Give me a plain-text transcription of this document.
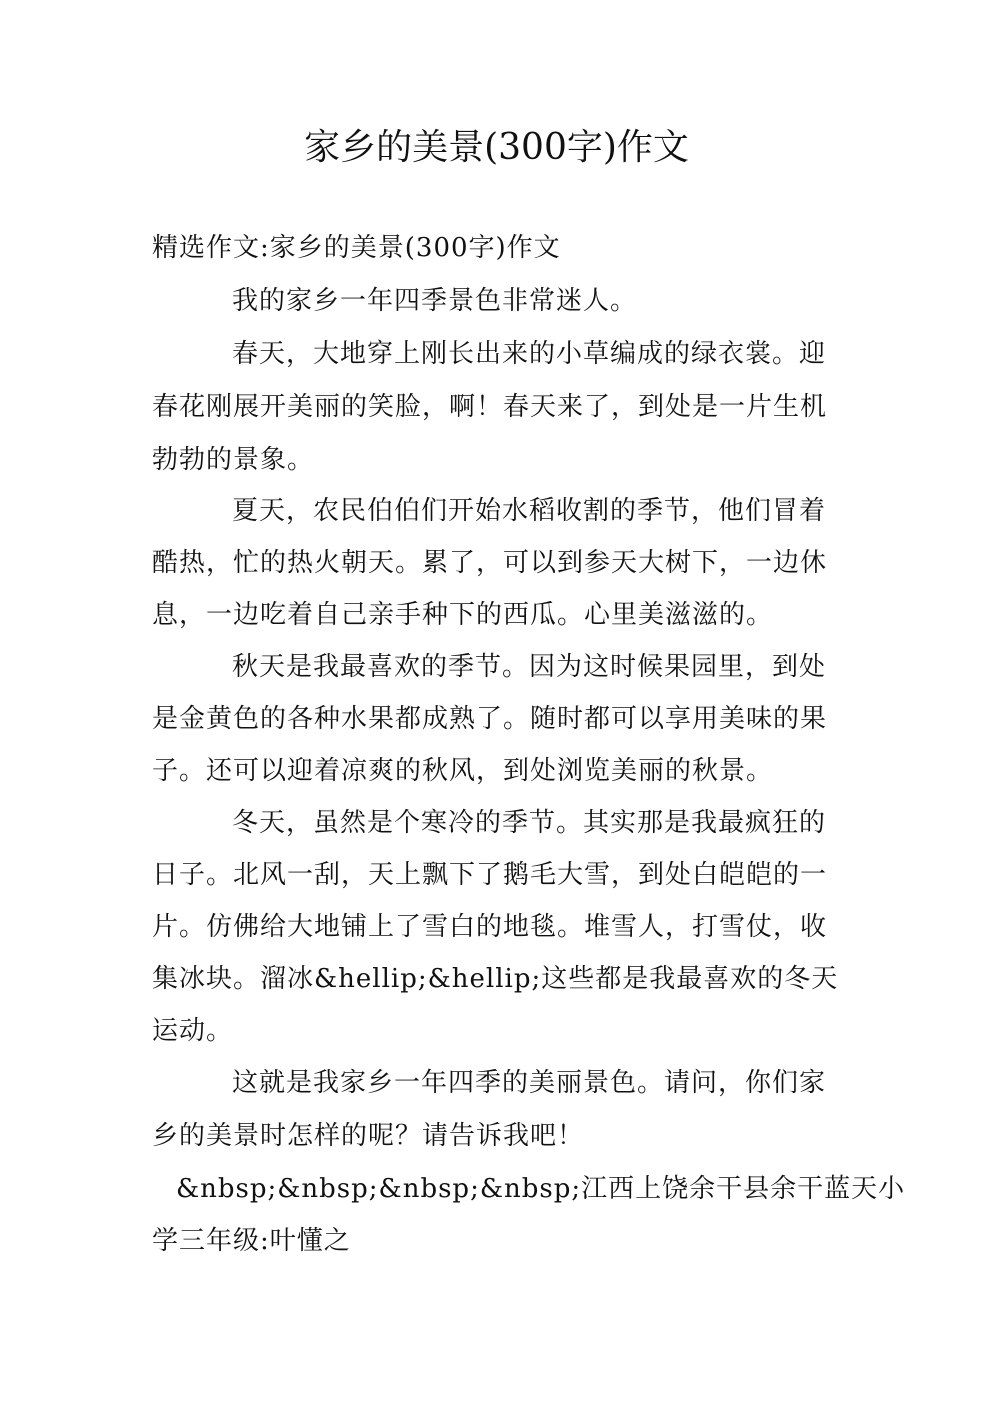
家乡的美景(300字)作文
精选作文:家乡的美景(300字)作文
我的家乡一年四季景色非常迷人。
春天，大地穿上刚长出来的小草编成的绿衣裳。迎
春花刚展开美丽的笑脸，啊！春天来了，到处是一片生机
勃勃的景象。
夏天，农民伯伯们开始水稻收割的季节，他们冒着
酷热，忙的热火朝天。累了，可以到参天大树下，一边休
息，一边吃着自己亲手种下的西瓜。心里美滋滋的。
秋天是我最喜欢的季节。因为这时候果园里，到处
是金黄色的各种水果都成熟了。随时都可以享用美味的果
子。还可以迎着凉爽的秋风，到处浏览美丽的秋景。
冬天，虽然是个寒冷的季节。其实那是我最疯狂的
日子。北风一刮，天上飘下了鹅毛大雪，到处白皑皑的一
片。仿佛给大地铺上了雪白的地毯。堆雪人，打雪仗，收
集冰块。溜冰&hellip;&hellip;这些都是我最喜欢的冬天
运动。
这就是我家乡一年四季的美丽景色。请问，你们家
乡的美景时怎样的呢？请告诉我吧！
&nbsp;&nbsp;&nbsp;&nbsp;江西上饶余干县余干蓝天小
学三年级:叶懂之
